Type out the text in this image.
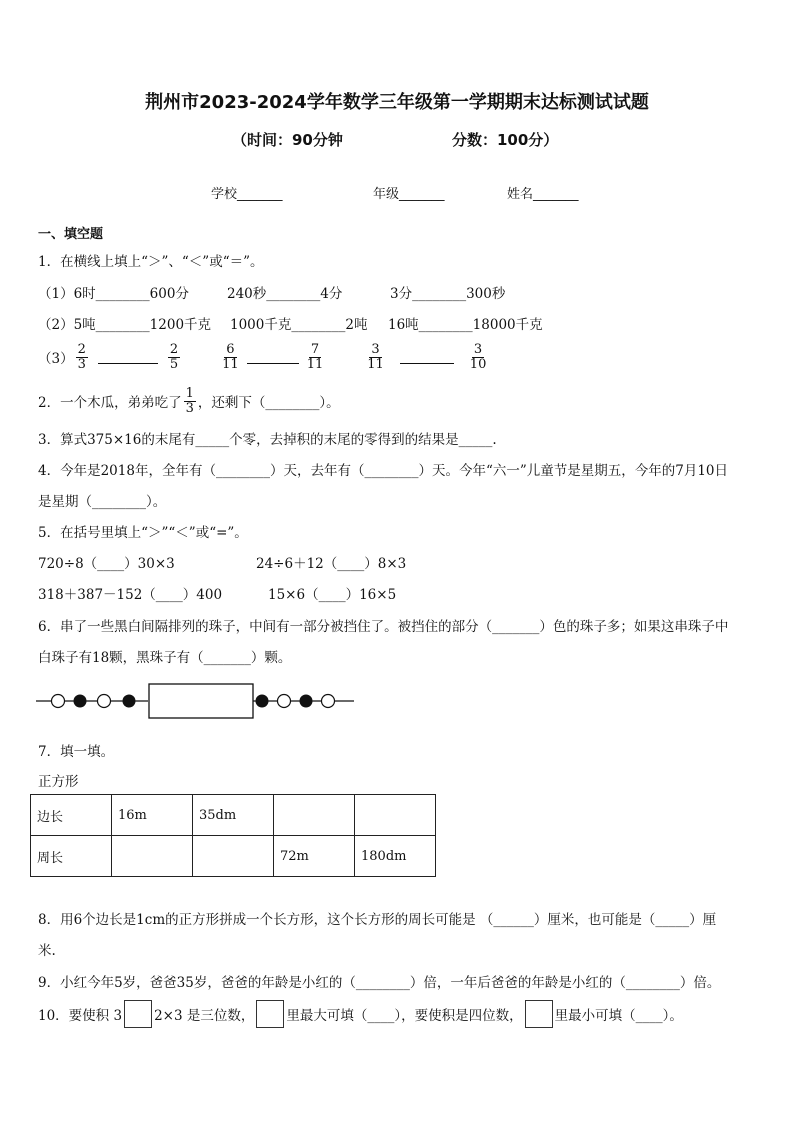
荆州市2023-2024学年数学三年级第一学期期末达标测试试题
（时间：90分钟	分数：100分）
学校_______	年级_______	姓名_______
一、填空题
1．在横线上填上“＞”、“＜”或“＝”。
（1）6时________600分	240秒________4分	3分________300秒
（2）5吨________1200千克 1000千克________2吨 16吨________18000千克
$(3) \frac{2}{3}$	$\frac{2}{5}$	$\frac{6}{11}$	$\frac{7}{11}$	$\frac{3}{11}$	$\frac{3}{10}$
2．一个木瓜，弟弟吃了 $\frac{1}{3}$ ，还剩下（________）。
3．算式375×16的末尾有_____个零，去掉积的末尾的零得到的结果是_____.
4．今年是2018年，全年有（________）天，去年有（________）天。今年“六一”儿童节是星期五，今年的7月10日
是星期（________）。
5．在括号里填上“＞”“＜”或“=”。
720÷8（____）30×3	24÷6＋12（____）8×3
318＋387－152（____）400	15×6（____）16×5
6．串了一些黑白间隔排列的珠子，中间有一部分被挡住了。被挡住的部分（_______）色的珠子多；如果这串珠子中
白珠子有18颗，黑珠子有（_______）颗。
7．填一填。
正方形
边长	16m	35dm		
周长			72m	180dm
8．用6个边长是1cm的正方形拼成一个长方形，这个长方形的周长可能是 （______）厘米，也可能是（_____）厘
米.
9．小红今年5岁，爸爸35岁，爸爸的年龄是小红的（________）倍，一年后爸爸的年龄是小红的（________）倍。
10．要使积 3 2×3 是三位数， 里最大可填（____），要使积是四位数， 里最小可填（____）。
